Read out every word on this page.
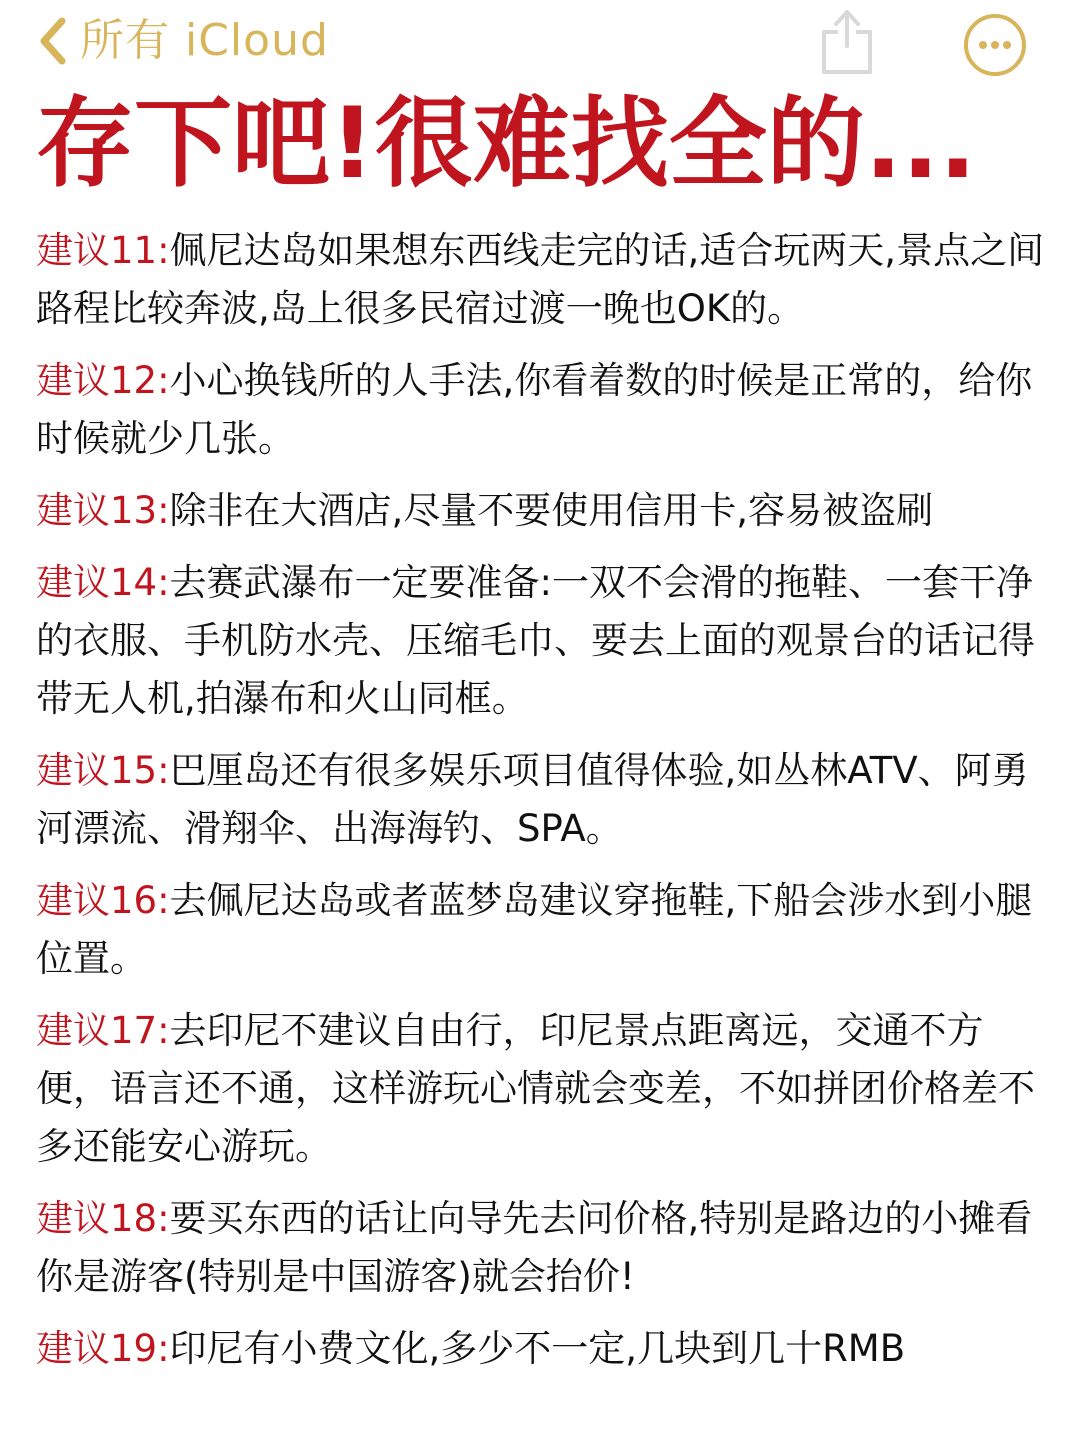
所有 iCloud
存下吧!很难找全的...
建议11:佩尼达岛如果想东西线走完的话,适合玩两天,景点之间路程比较奔波,岛上很多民宿过渡一晚也OK的。
建议12:小心换钱所的人手法,你看着数的时候是正常的，给你时候就少几张。
建议13:除非在大酒店,尽量不要使用信用卡,容易被盗刷
建议14:去赛武瀑布一定要准备:一双不会滑的拖鞋、一套干净的衣服、手机防水壳、压缩毛巾、要去上面的观景台的话记得带无人机,拍瀑布和火山同框。
建议15:巴厘岛还有很多娱乐项目值得体验,如丛林ATV、阿勇河漂流、滑翔伞、出海海钓、SPA。
建议16:去佩尼达岛或者蓝梦岛建议穿拖鞋,下船会涉水到小腿位置。
建议17:去印尼不建议自由行，印尼景点距离远，交通不方便，语言还不通，这样游玩心情就会变差，不如拼团价格差不多还能安心游玩。
建议18:要买东西的话让向导先去问价格,特别是路边的小摊看你是游客(特别是中国游客)就会抬价!
建议19:印尼有小费文化,多少不一定,几块到几十RMB
